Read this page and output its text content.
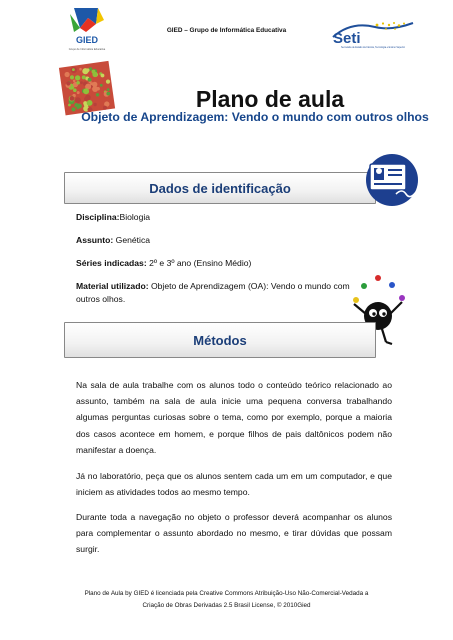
GIED
Grupo de Informática Educativa
GIED – Grupo de Informática Educativa	Seti
Secretaria de Estado da Ciência, Tecnologia e Ensino Superior
Plano de aula
Objeto de Aprendizagem: Vendo o mundo com outros olhos
Dados de identificação
Disciplina:Biologia
Assunto: Genética
Séries indicadas: 2º e 3º ano (Ensino Médio)
Material utilizado: Objeto de Aprendizagem (OA): Vendo o mundo com outros olhos.
Métodos
Na sala de aula trabalhe com os alunos todo o conteúdo teórico relacionado ao assunto, também na sala de aula inicie uma pequena conversa trabalhando algumas perguntas curiosas sobre o tema, como por exemplo, porque a maioria dos casos acontece em homem, e porque filhos de pais daltônicos podem não manifestar a doença.
Já no laboratório, peça que os alunos sentem cada um em um computador, e que iniciem as atividades todos ao mesmo tempo.
Durante toda a navegação no objeto o professor deverá acompanhar os alunos para complementar o assunto abordado no mesmo, e tirar dúvidas que possam surgir.
Plano de Aula by GIED é licenciada pela Creative Commons Atribuição-Uso Não-Comercial-Vedada a
Criação de Obras Derivadas 2.5 Brasil License, © 2010Gied
